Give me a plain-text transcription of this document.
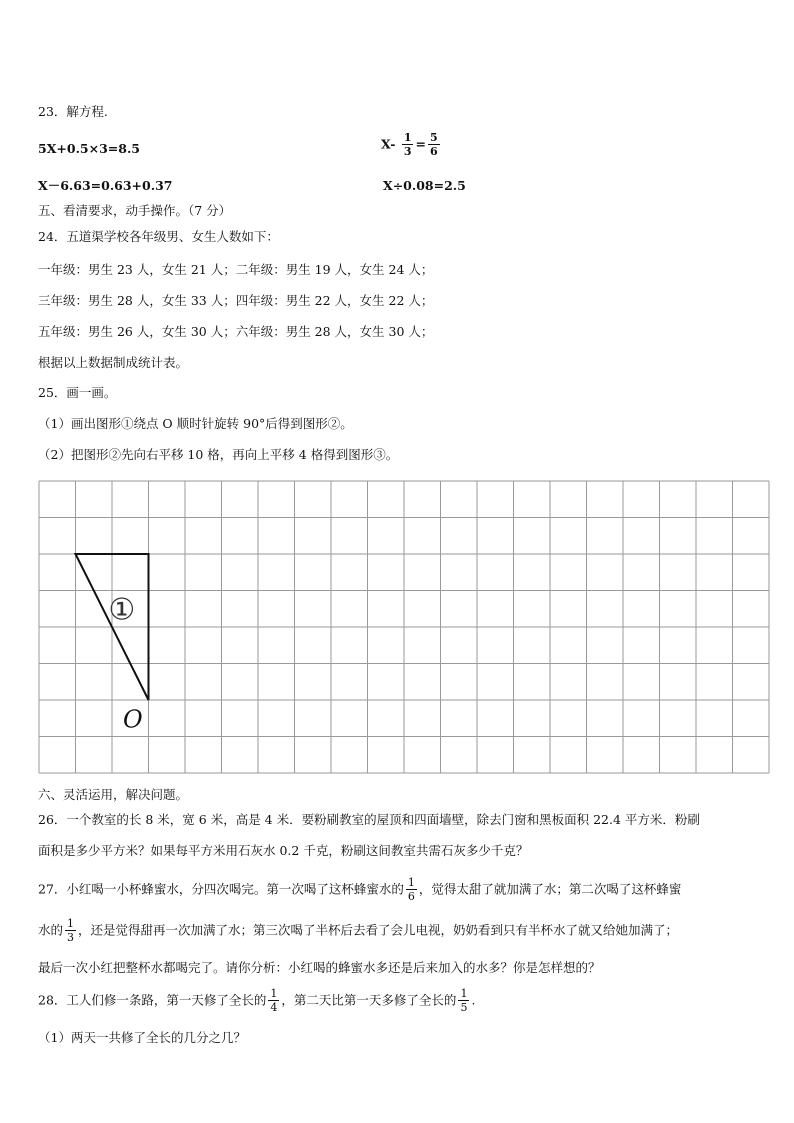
23．解方程.
5X+0.5×3=8.5	$X- \frac{1}{3} = \frac{5}{6}$
X－6.63=0.63+0.37	X÷0.08=2.5
五、看清要求，动手操作。（7 分）
24．五道渠学校各年级男、女生人数如下：
一年级：男生 23 人，女生 21 人；二年级：男生 19 人，女生 24 人；
三年级：男生 28 人，女生 33 人；四年级：男生 22 人，女生 22 人；
五年级：男生 26 人，女生 30 人；六年级：男生 28 人，女生 30 人；
根据以上数据制成统计表。
25．画一画。
（1）画出图形①绕点 O 顺时针旋转 90°后得到图形②。
（2）把图形②先向右平移 10 格，再向上平移 4 格得到图形③。
①
O
六、灵活运用，解决问题。
26．一个教室的长 8 米，宽 6 米，高是 4 米．要粉刷教室的屋顶和四面墙壁，除去门窗和黑板面积 22.4 平方米．粉刷
面积是多少平方米？如果每平方米用石灰水 0.2 千克，粉刷这间教室共需石灰多少千克？
27．小红喝一小杯蜂蜜水，分四次喝完。第一次喝了这杯蜂蜜水的 $\frac{1}{6}$ ，觉得太甜了就加满了水；第二次喝了这杯蜂蜜
水的 $\frac{1}{3}$ ，还是觉得甜再一次加满了水；第三次喝了半杯后去看了会儿电视，奶奶看到只有半杯水了就又给她加满了；
最后一次小红把整杯水都喝完了。请你分析：小红喝的蜂蜜水多还是后来加入的水多？你是怎样想的？
28．工人们修一条路，第一天修了全长的 $\frac{1}{4}$ ，第二天比第一天多修了全长的 $\frac{1}{5}$ .
（1）两天一共修了全长的几分之几？
